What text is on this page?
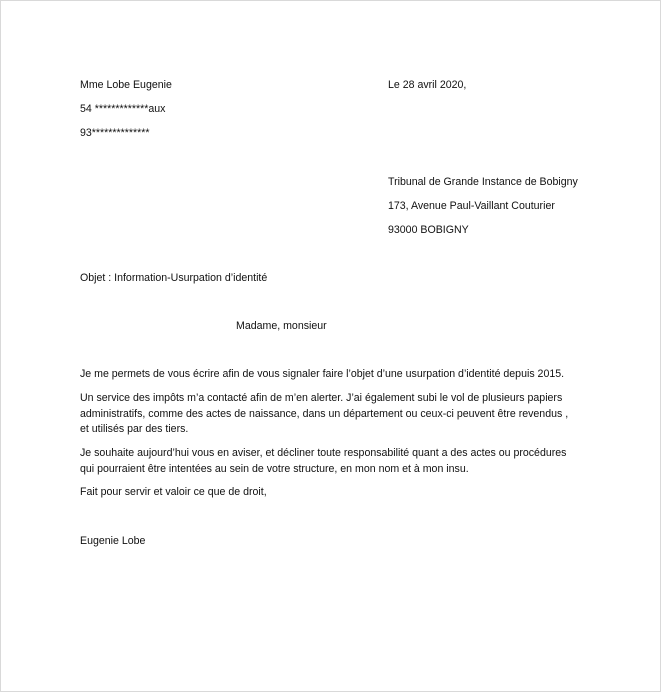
Mme Lobe Eugenie
54 *************aux
93**************
Le 28 avril 2020,
Tribunal de Grande Instance de Bobigny
173, Avenue Paul-Vaillant Couturier
93000 BOBIGNY
Objet : Information-Usurpation d’identité
Madame, monsieur

Je me permets de vous écrire afin de vous signaler faire l’objet d’une usurpation d’identité depuis 2015.

Un service des impôts m’a contacté afin de m’en alerter. J’ai également subi le vol de plusieurs papiers

administratifs, comme des actes de naissance, dans un département ou ceux-ci peuvent être revendus ,

et utilisés par des tiers.

Je souhaite aujourd’hui vous en aviser, et décliner toute responsabilité quant a des actes ou procédures

qui pourraient être intentées au sein de votre structure, en mon nom et à mon insu.

Fait pour servir et valoir ce que de droit,

Eugenie Lobe
